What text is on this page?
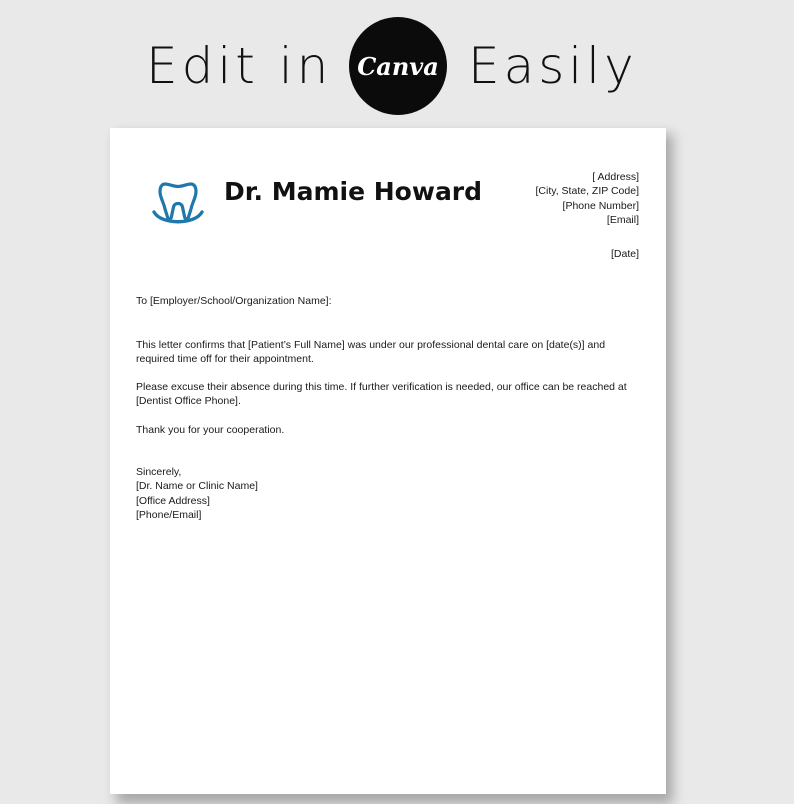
Edit in Canva Easily
Dr. Mamie Howard	[ Address]
[City, State, ZIP Code]
[Phone Number]
[Email]
[Date]
To [Employer/School/Organization Name]:
This letter confirms that [Patient’s Full Name] was under our professional dental care on [date(s)] and required time off for their appointment.
Please excuse their absence during this time. If further verification is needed, our office can be reached at [Dentist Office Phone].
Thank you for your cooperation.
Sincerely,
[Dr. Name or Clinic Name]
[Office Address]
[Phone/Email]
